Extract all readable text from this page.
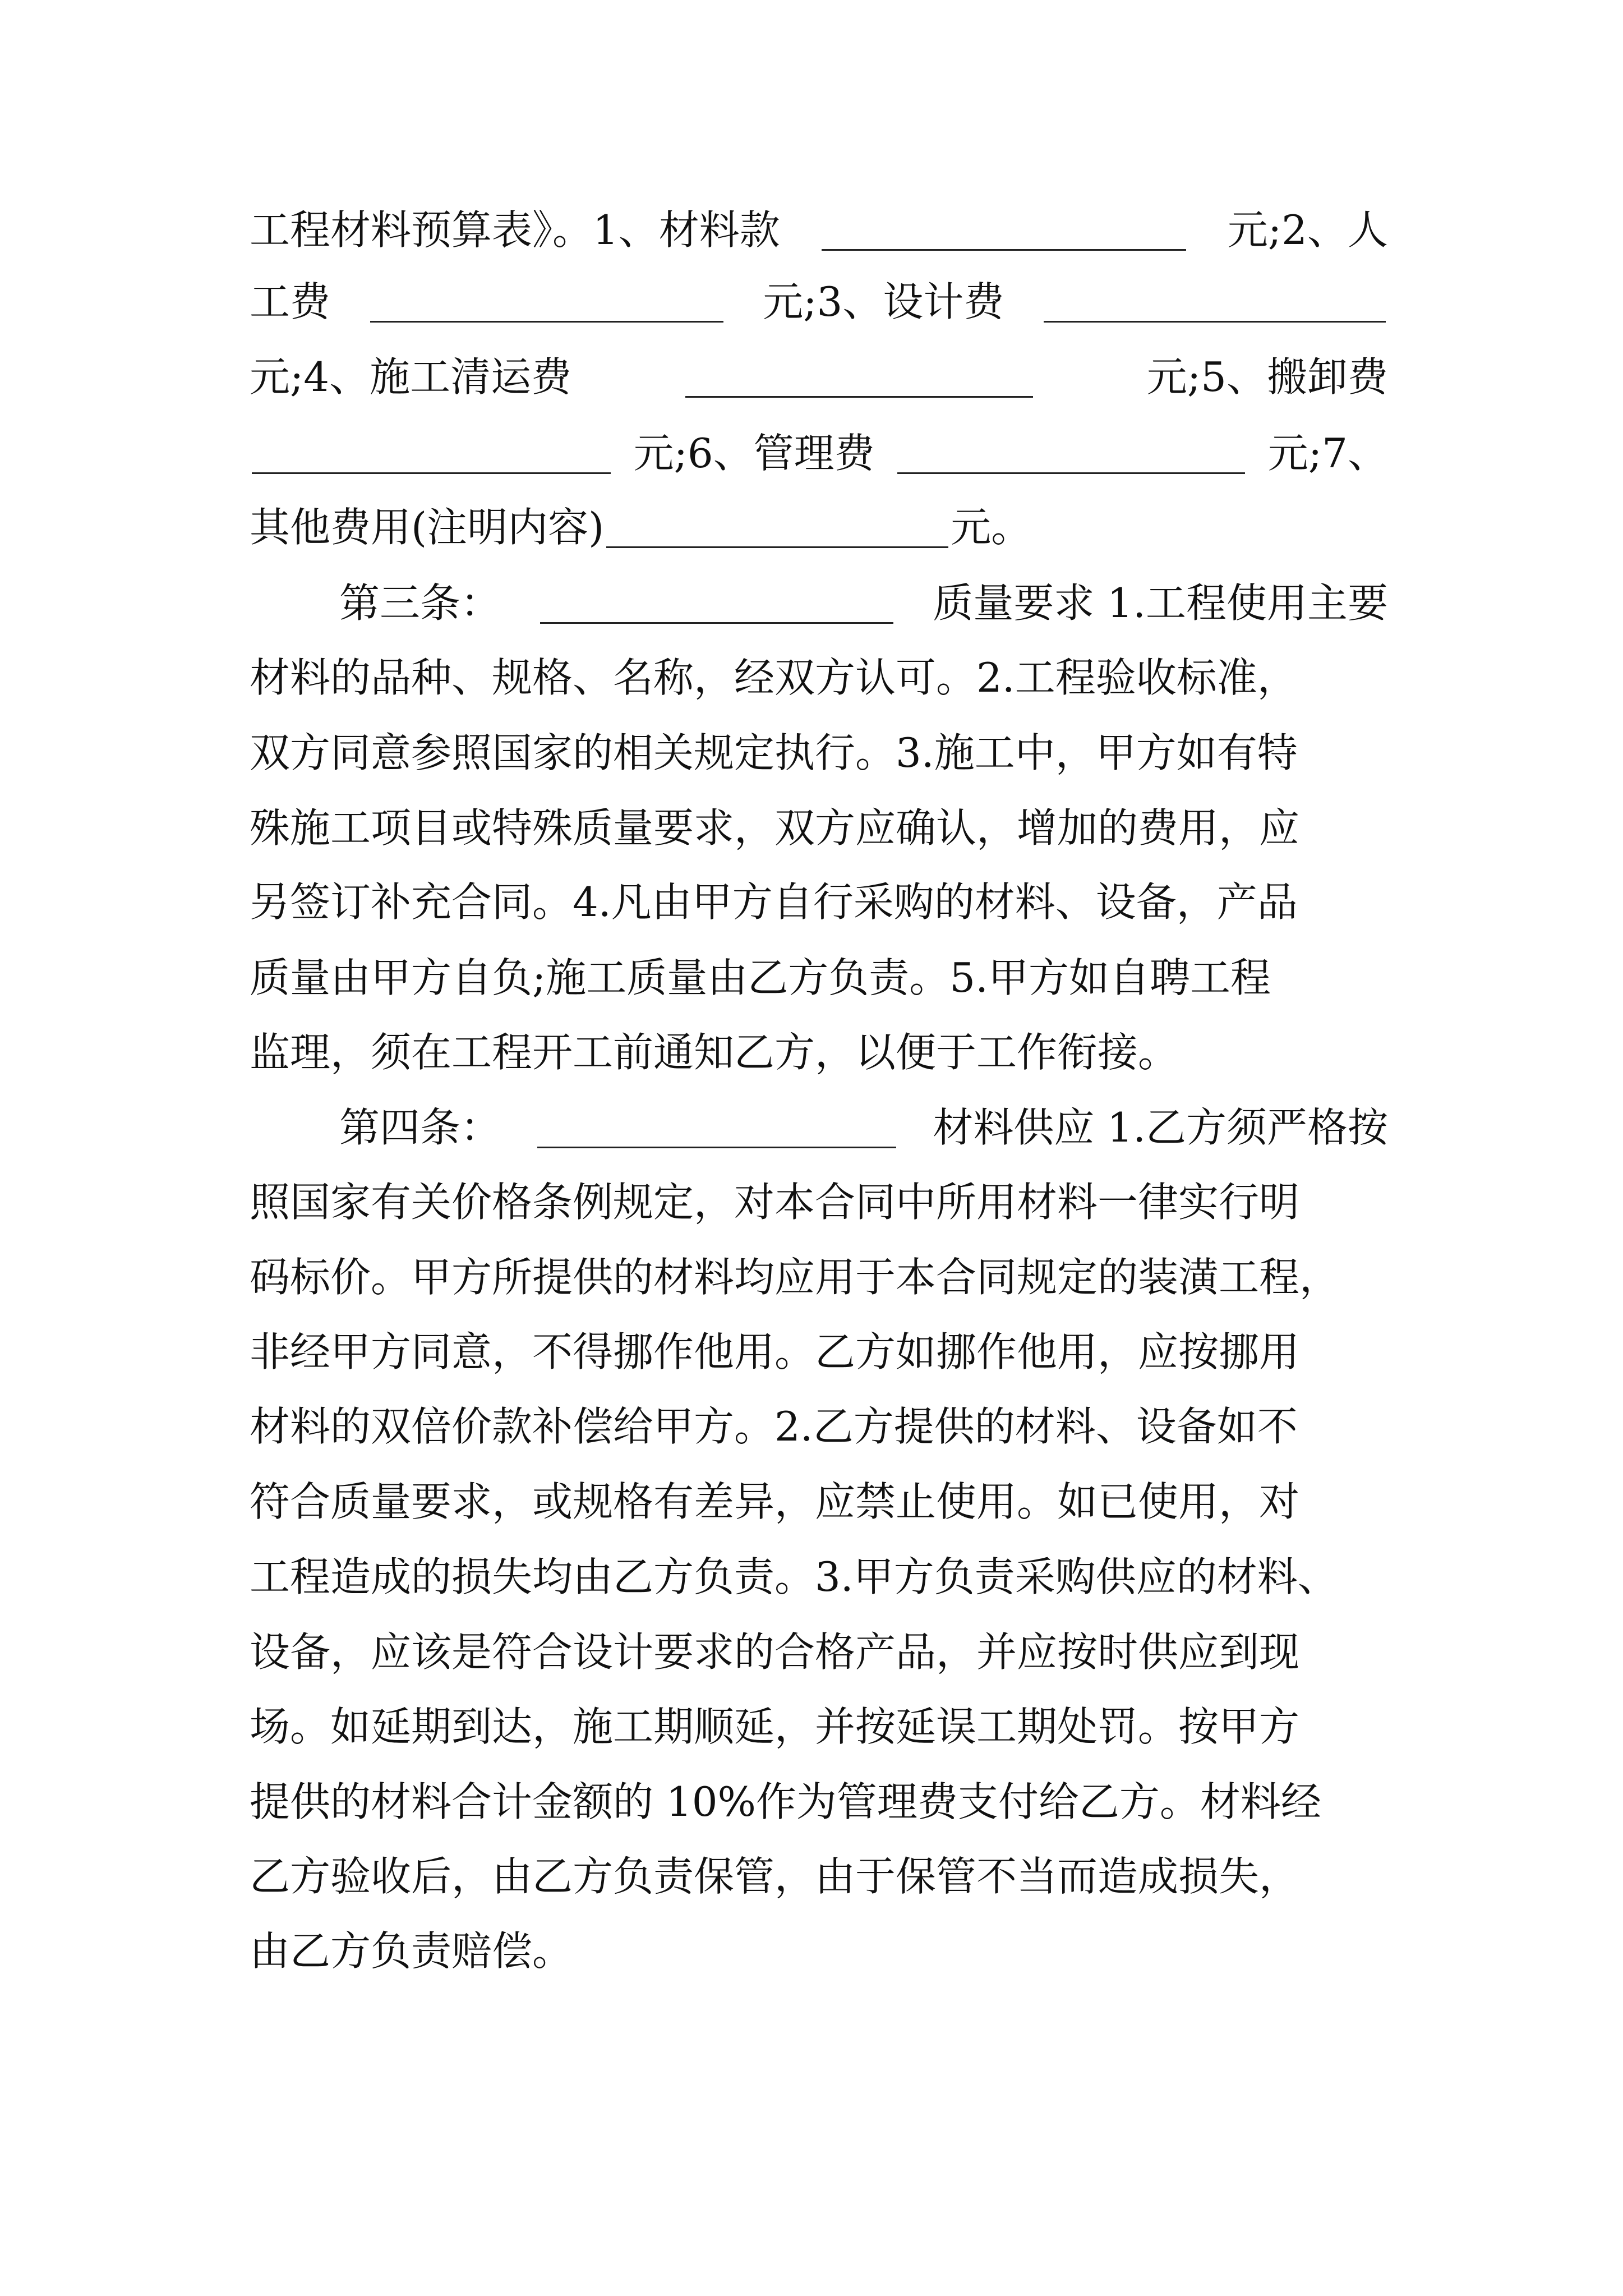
工程材料预算表》。1、材料款	元;2、人
工费	元;3、设计费
元;4、施工清运费	元;5、搬卸费
元;6、管理费	元;7、
其他费用(注明内容)	元。
第三条：	质量要求 1.工程使用主要
材料的品种、规格、名称，经双方认可。2.工程验收标准，
双方同意参照国家的相关规定执行。3.施工中，甲方如有特
殊施工项目或特殊质量要求，双方应确认，增加的费用，应
另签订补充合同。4.凡由甲方自行采购的材料、设备，产品
质量由甲方自负;施工质量由乙方负责。5.甲方如自聘工程
监理，须在工程开工前通知乙方，以便于工作衔接。
第四条：	材料供应 1.乙方须严格按
照国家有关价格条例规定，对本合同中所用材料一律实行明
码标价。甲方所提供的材料均应用于本合同规定的装潢工程，
非经甲方同意，不得挪作他用。乙方如挪作他用，应按挪用
材料的双倍价款补偿给甲方。2.乙方提供的材料、设备如不
符合质量要求，或规格有差异，应禁止使用。如已使用，对
工程造成的损失均由乙方负责。3.甲方负责采购供应的材料、
设备，应该是符合设计要求的合格产品，并应按时供应到现
场。如延期到达，施工期顺延，并按延误工期处罚。按甲方
提供的材料合计金额的 10%作为管理费支付给乙方。材料经
乙方验收后，由乙方负责保管，由于保管不当而造成损失，
由乙方负责赔偿。
